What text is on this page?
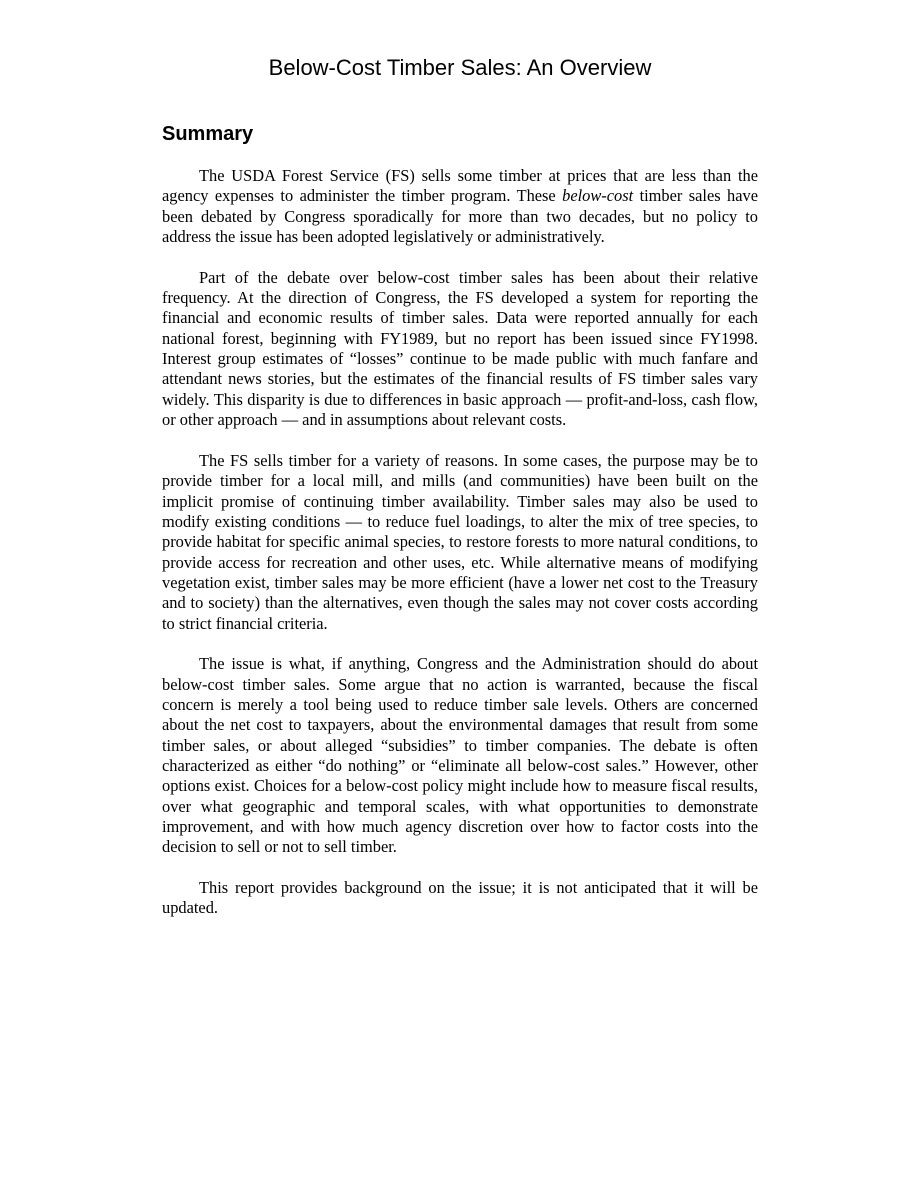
Below-Cost Timber Sales: An Overview
Summary

The USDA Forest Service (FS) sells some timber at prices that are less than the agency expenses to administer the timber program. These below-cost timber sales have been debated by Congress sporadically for more than two decades, but no policy to address the issue has been adopted legislatively or administratively.

Part of the debate over below-cost timber sales has been about their relative frequency. At the direction of Congress, the FS developed a system for reporting the financial and economic results of timber sales. Data were reported annually for each national forest, beginning with FY1989, but no report has been issued since FY1998. Interest group estimates of “losses” continue to be made public with much fanfare and attendant news stories, but the estimates of the financial results of FS timber sales vary widely. This disparity is due to differences in basic approach — profit-and-loss, cash flow, or other approach — and in assumptions about relevant costs.

The FS sells timber for a variety of reasons. In some cases, the purpose may be to provide timber for a local mill, and mills (and communities) have been built on the implicit promise of continuing timber availability. Timber sales may also be used to modify existing conditions — to reduce fuel loadings, to alter the mix of tree species, to provide habitat for specific animal species, to restore forests to more natural conditions, to provide access for recreation and other uses, etc. While alternative means of modifying vegetation exist, timber sales may be more efficient (have a lower net cost to the Treasury and to society) than the alternatives, even though the sales may not cover costs according to strict financial criteria.

The issue is what, if anything, Congress and the Administration should do about below-cost timber sales. Some argue that no action is warranted, because the fiscal concern is merely a tool being used to reduce timber sale levels. Others are concerned about the net cost to taxpayers, about the environmental damages that result from some timber sales, or about alleged “subsidies” to timber companies. The debate is often characterized as either “do nothing” or “eliminate all below-cost sales.” However, other options exist. Choices for a below-cost policy might include how to measure fiscal results, over what geographic and temporal scales, with what opportunities to demonstrate improvement, and with how much agency discretion over how to factor costs into the decision to sell or not to sell timber.

This report provides background on the issue; it is not anticipated that it will be updated.
